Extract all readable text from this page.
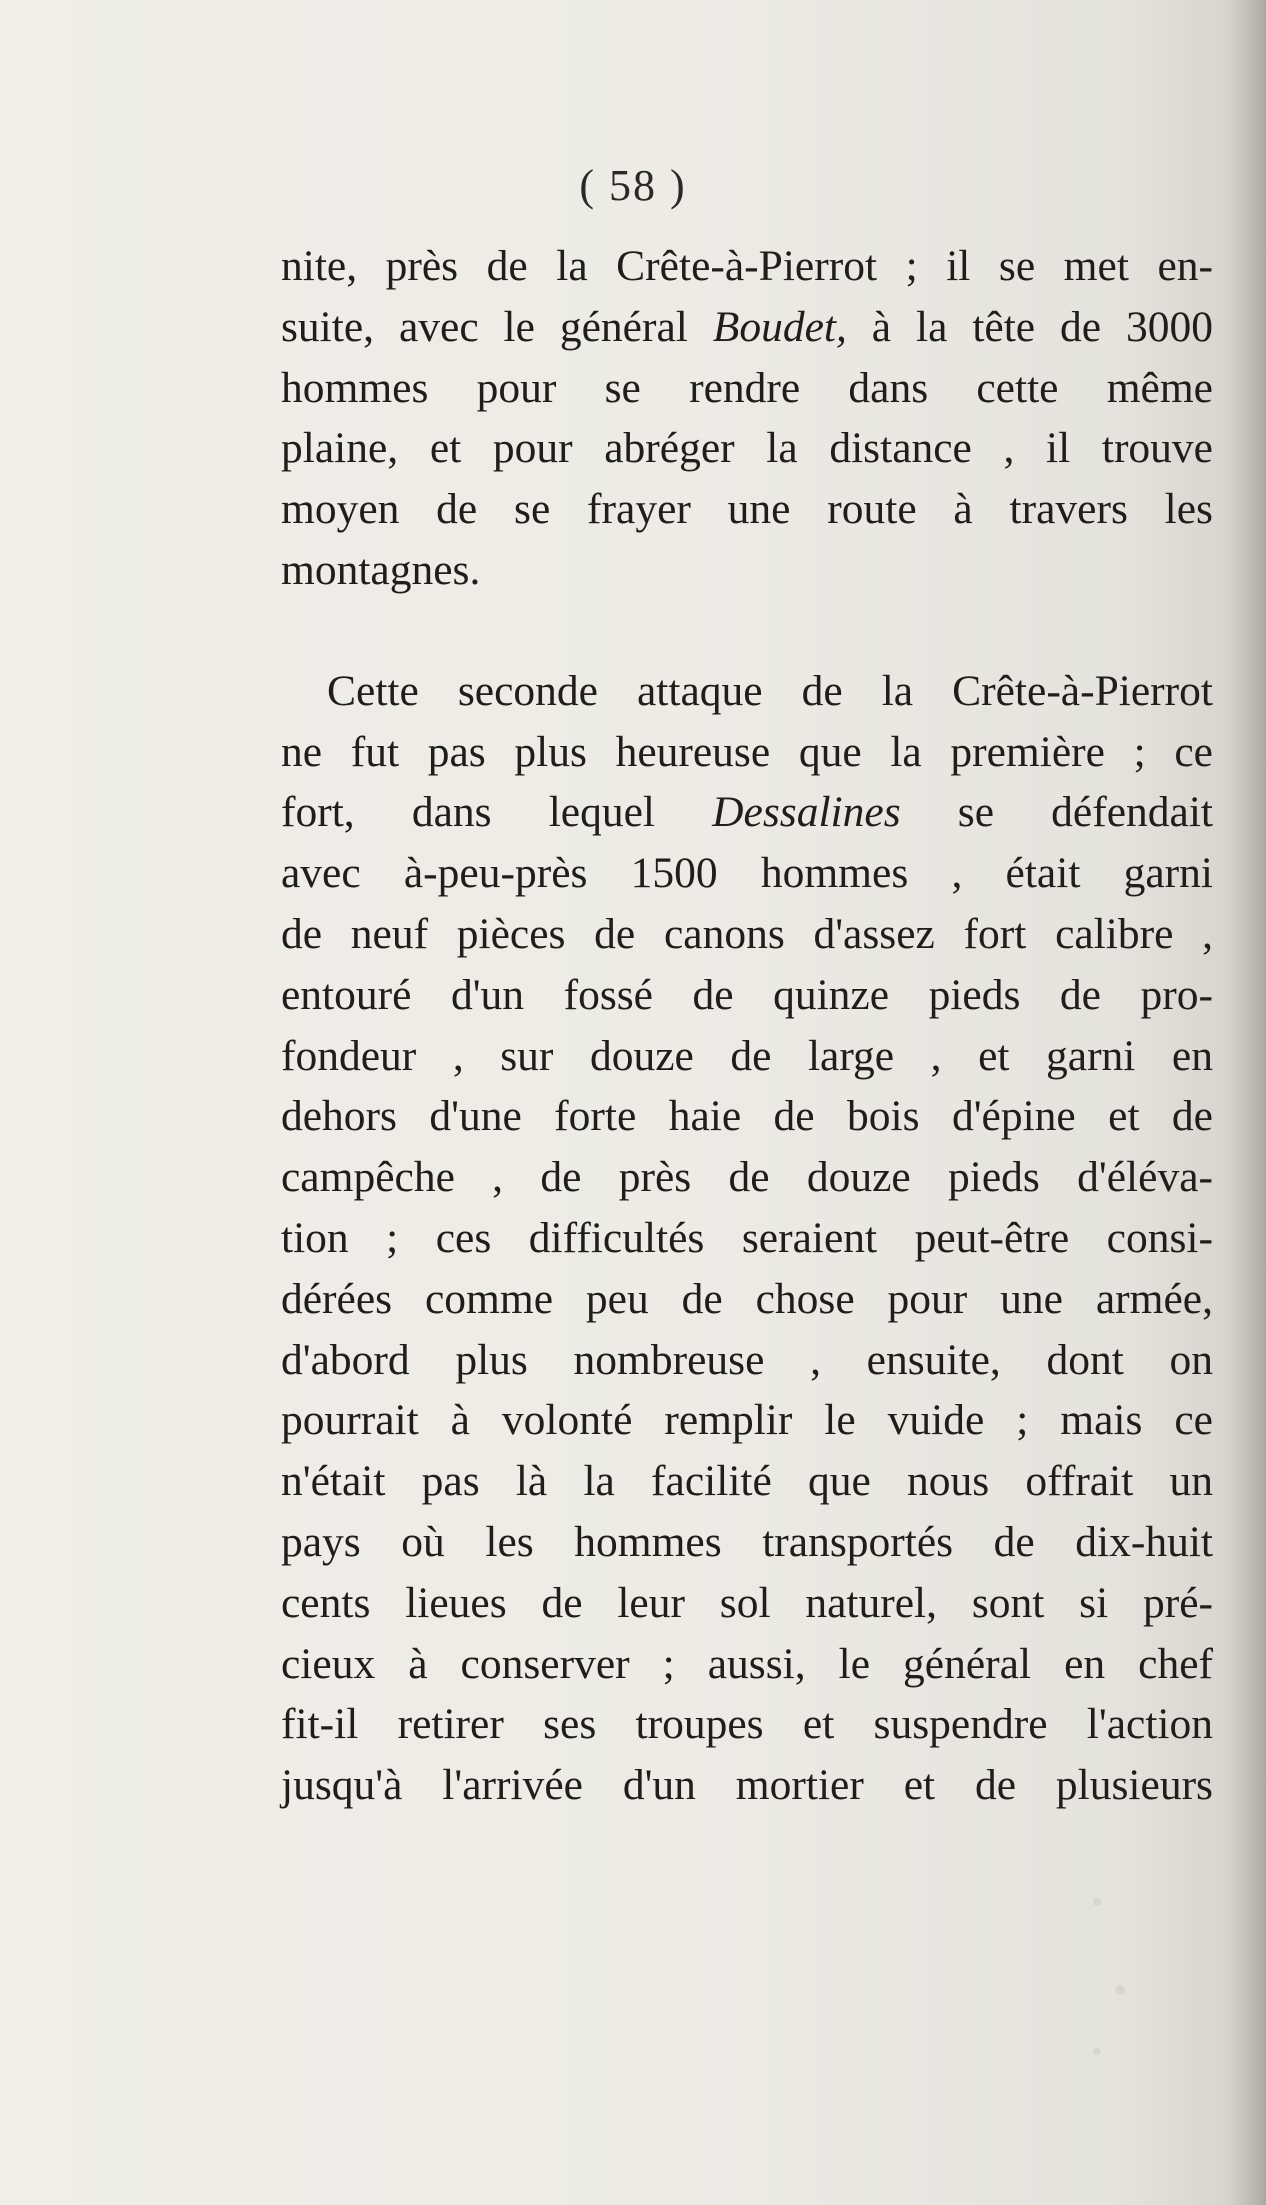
( 58 )
nite, près de la Crête-à-Pierrot ; il se met en-
suite, avec le général Boudet, à la tête de 3000
hommes pour se rendre dans cette même
plaine, et pour abréger la distance , il trouve
moyen de se frayer une route à travers les
montagnes.
Cette seconde attaque de la Crête-à-Pierrot
ne fut pas plus heureuse que la première ; ce
fort, dans lequel Dessalines se défendait
avec à-peu-près 1500 hommes , était garni
de neuf pièces de canons d'assez fort calibre ,
entouré d'un fossé de quinze pieds de pro-
fondeur , sur douze de large , et garni en
dehors d'une forte haie de bois d'épine et de
campêche , de près de douze pieds d'éléva-
tion ; ces difficultés seraient peut-être consi-
dérées comme peu de chose pour une armée,
d'abord plus nombreuse , ensuite, dont on
pourrait à volonté remplir le vuide ; mais ce
n'était pas là la facilité que nous offrait un
pays où les hommes transportés de dix-huit
cents lieues de leur sol naturel, sont si pré-
cieux à conserver ; aussi, le général en chef
fit-il retirer ses troupes et suspendre l'action
jusqu'à l'arrivée d'un mortier et de plusieurs
